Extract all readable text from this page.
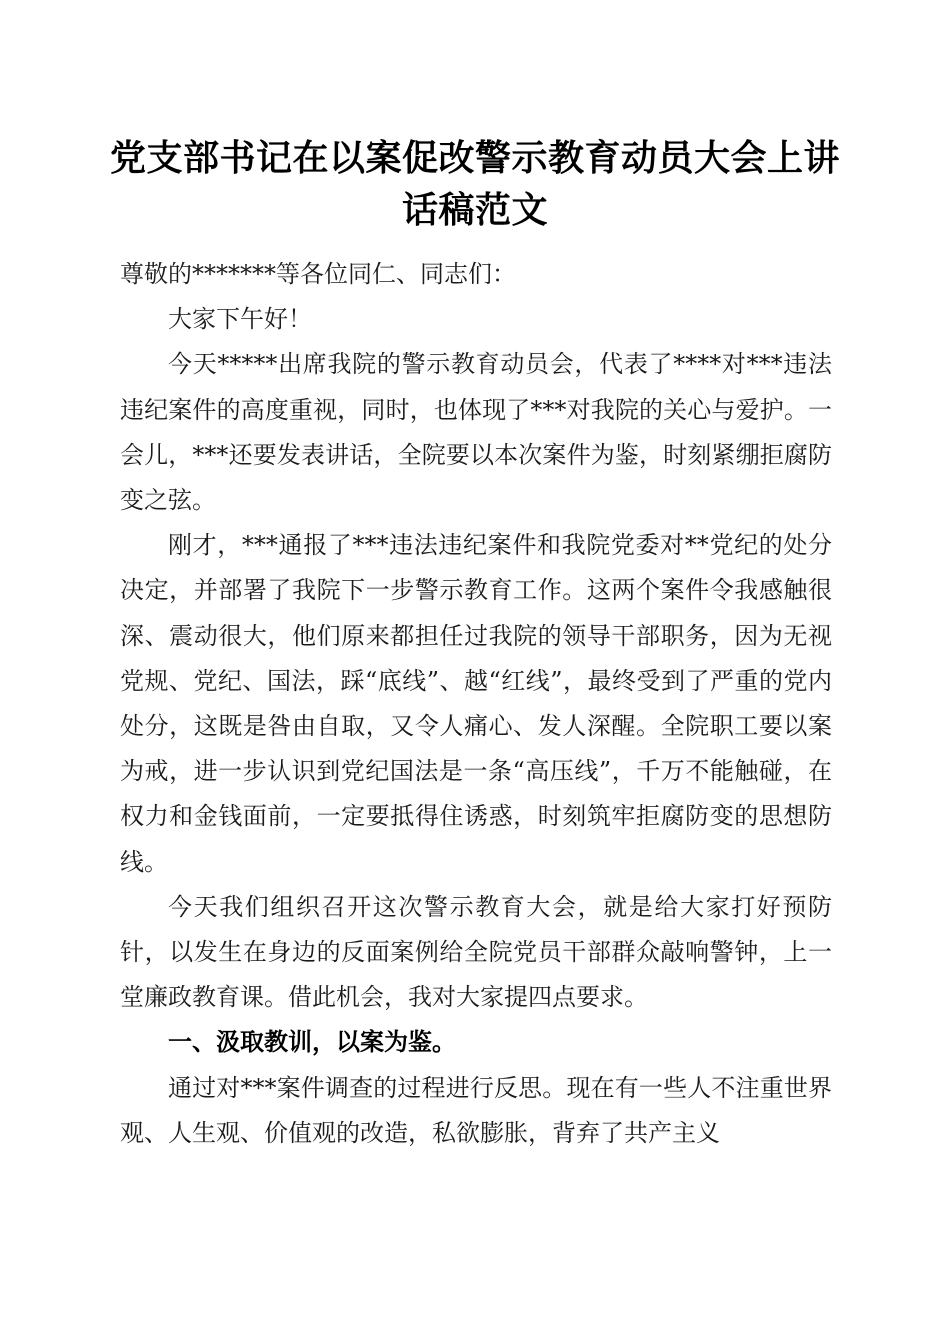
党支部书记在以案促改警示教育动员大会上讲话稿范文

尊敬的*******等各位同仁、同志们：

大家下午好！

今天*****出席我院的警示教育动员会，代表了****对***违法违纪案件的高度重视，同时，也体现了***对我院的关心与爱护。一会儿，***还要发表讲话，全院要以本次案件为鉴，时刻紧绷拒腐防变之弦。

刚才，***通报了***违法违纪案件和我院党委对**党纪的处分决定，并部署了我院下一步警示教育工作。这两个案件令我感触很深、震动很大，他们原来都担任过我院的领导干部职务，因为无视党规、党纪、国法，踩“底线”、越“红线”，最终受到了严重的党内处分，这既是咎由自取，又令人痛心、发人深醒。全院职工要以案为戒，进一步认识到党纪国法是一条“高压线”，千万不能触碰，在权力和金钱面前，一定要抵得住诱惑，时刻筑牢拒腐防变的思想防线。

今天我们组织召开这次警示教育大会，就是给大家打好预防针，以发生在身边的反面案例给全院党员干部群众敲响警钟，上一堂廉政教育课。借此机会，我对大家提四点要求。

一、汲取教训，以案为鉴。

通过对***案件调查的过程进行反思。现在有一些人不注重世界观、人生观、价值观的改造，私欲膨胀，背弃了共产主义
